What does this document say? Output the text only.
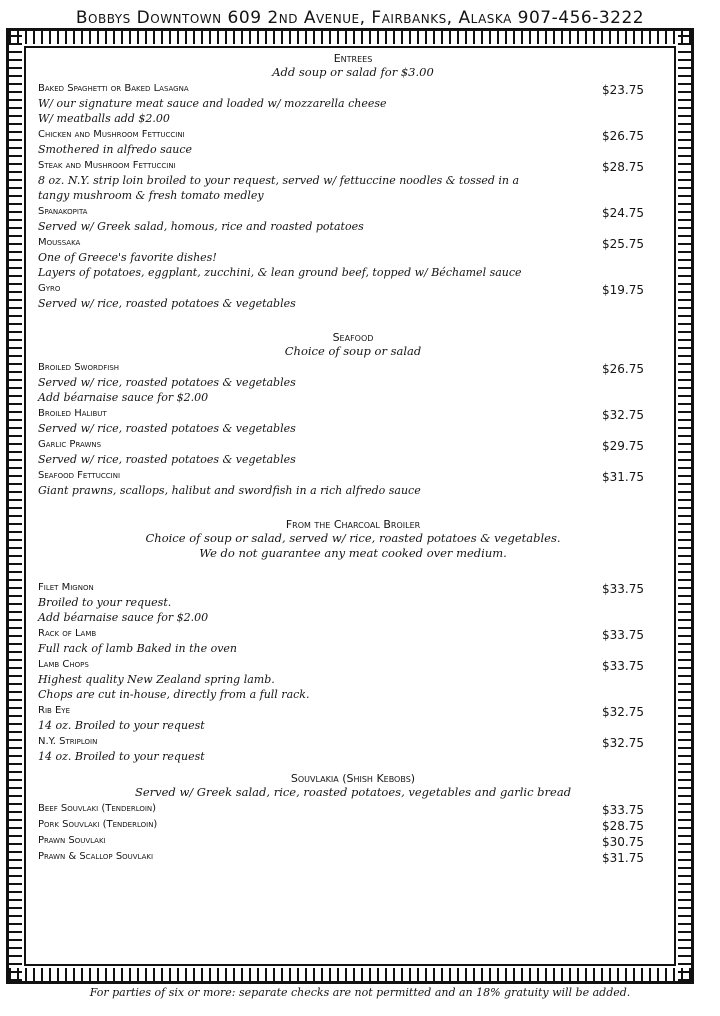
Bobbys Downtown 609 2nd Avenue, Fairbanks, Alaska 907-456-3222
Entrees
Add soup or salad for $3.00
Baked Spaghetti or Baked Lasagna	$23.75
W/ our signature meat sauce and loaded w/ mozzarella cheese
W/ meatballs add $2.00
Chicken and Mushroom Fettuccini	$26.75
Smothered in alfredo sauce
Steak and Mushroom Fettuccini	$28.75
8 oz. N.Y. strip loin broiled to your request, served w/ fettuccine noodles & tossed in a
tangy mushroom & fresh tomato medley
Spanakopita	$24.75
Served w/ Greek salad, homous, rice and roasted potatoes
Moussaka	$25.75
One of Greece's favorite dishes!
Layers of potatoes, eggplant, zucchini, & lean ground beef, topped w/ Béchamel sauce
Gyro	$19.75
Served w/ rice, roasted potatoes & vegetables
Seafood
Choice of soup or salad
Broiled Swordfish	$26.75
Served w/ rice, roasted potatoes & vegetables
Add béarnaise sauce for $2.00
Broiled Halibut	$32.75
Served w/ rice, roasted potatoes & vegetables
Garlic Prawns	$29.75
Served w/ rice, roasted potatoes & vegetables
Seafood Fettuccini	$31.75
Giant prawns, scallops, halibut and swordfish in a rich alfredo sauce
From the Charcoal Broiler
Choice of soup or salad, served w/ rice, roasted potatoes & vegetables.
We do not guarantee any meat cooked over medium.
Filet Mignon	$33.75
Broiled to your request.
Add béarnaise sauce for $2.00
Rack of Lamb	$33.75
Full rack of lamb Baked in the oven
Lamb Chops	$33.75
Highest quality New Zealand spring lamb.
Chops are cut in-house, directly from a full rack.
Rib Eye	$32.75
14 oz. Broiled to your request
N.Y. Striploin	$32.75
14 oz. Broiled to your request
Souvlakia (Shish Kebobs)
Served w/ Greek salad, rice, roasted potatoes, vegetables and garlic bread
Beef Souvlaki (Tenderloin)	$33.75
Pork Souvlaki (Tenderloin)	$28.75
Prawn Souvlaki	$30.75
Prawn & Scallop Souvlaki	$31.75
For parties of six or more: separate checks are not permitted and an 18% gratuity will be added.
